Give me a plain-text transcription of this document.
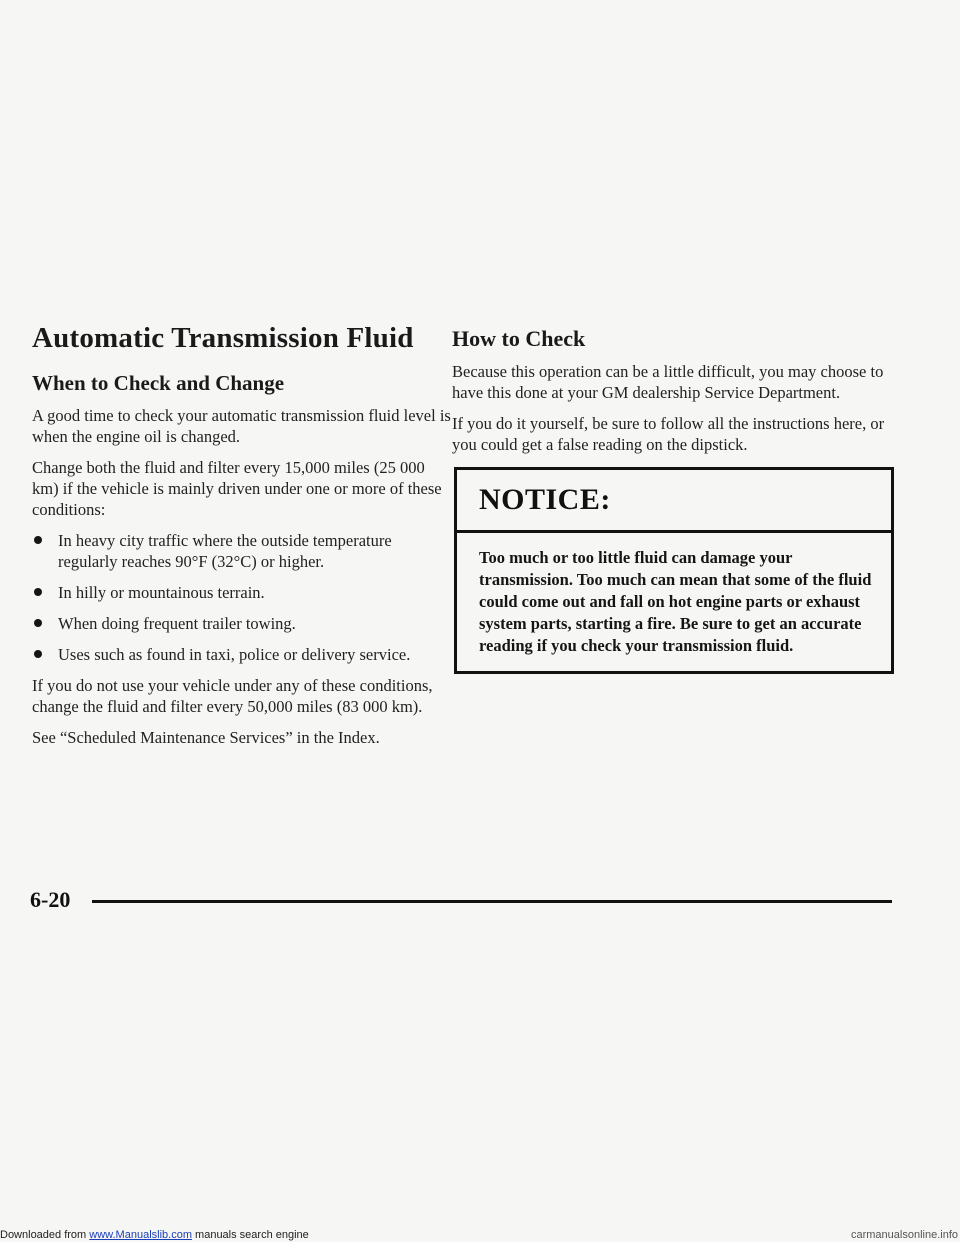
Automatic Transmission Fluid
When to Check and Change

A good time to check your automatic transmission fluid level is when the engine oil is changed.

Change both the fluid and filter every 15,000 miles (25 000 km) if the vehicle is mainly driven under one or more of these conditions:

In heavy city traffic where the outside temperature regularly reaches 90°F (32°C) or higher.
In hilly or mountainous terrain.
When doing frequent trailer towing.
Uses such as found in taxi, police or delivery service.

If you do not use your vehicle under any of these conditions, change the fluid and filter every 50,000 miles (83 000 km).

See “Scheduled Maintenance Services” in the Index.

How to Check

Because this operation can be a little difficult, you may choose to have this done at your GM dealership Service Department.

If you do it yourself, be sure to follow all the instructions here, or you could get a false reading on the dipstick.

NOTICE:
Too much or too little fluid can damage your transmission. Too much can mean that some of the fluid could come out and fall on hot engine parts or exhaust system parts, starting a fire. Be sure to get an accurate reading if you check your transmission fluid.
6-20
Downloaded from www.Manualslib.com manuals search engine	carmanualsonline.info
